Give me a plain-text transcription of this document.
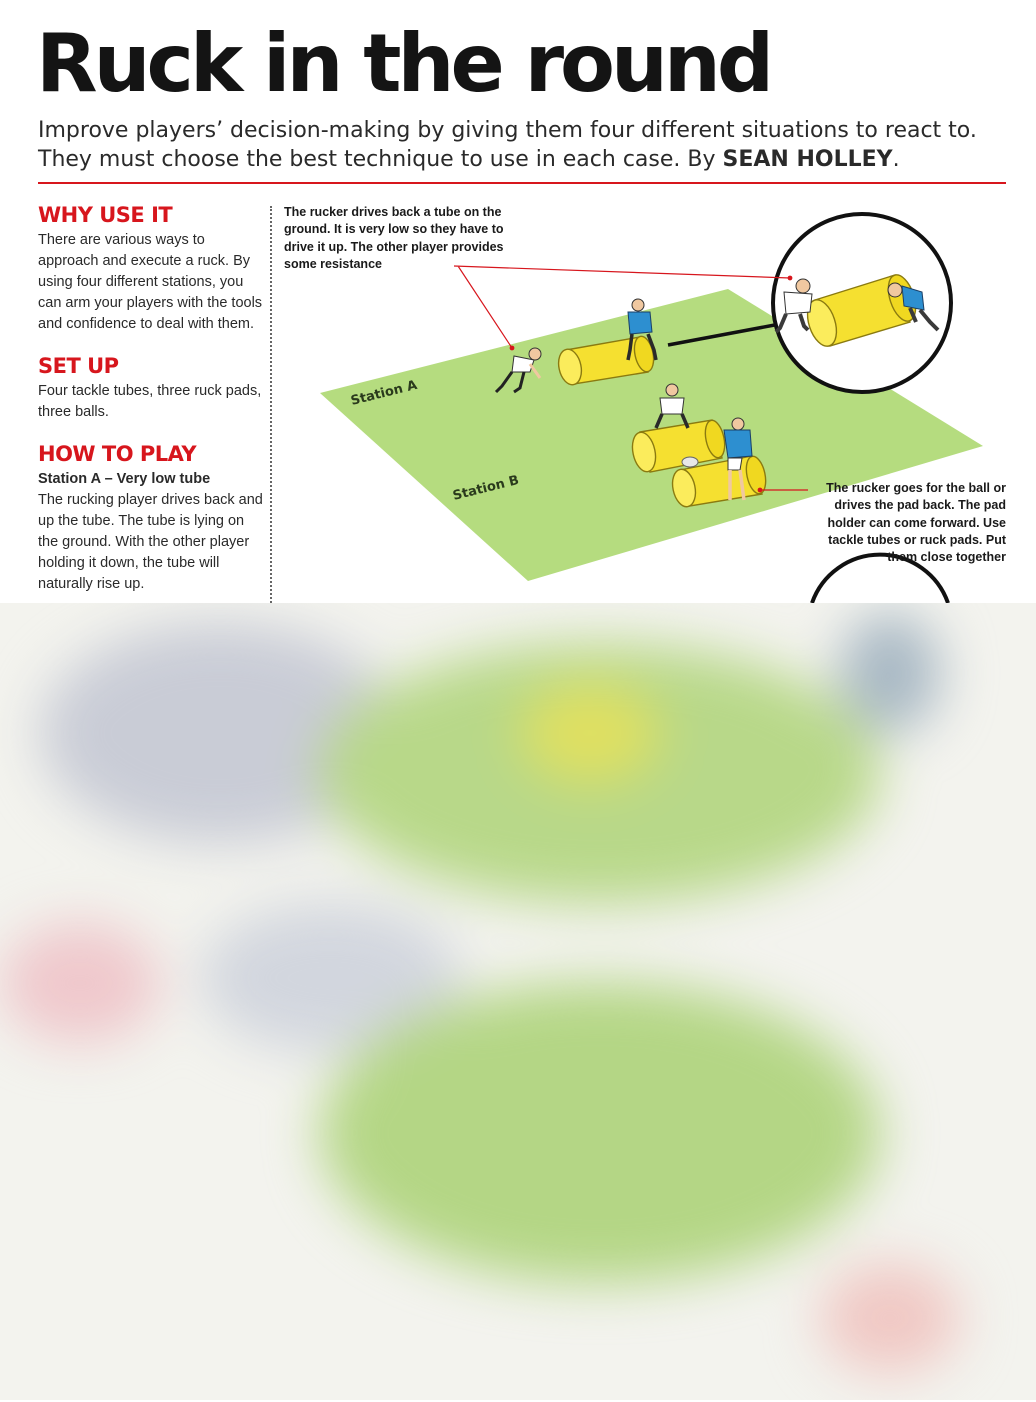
Ruck in the round
Improve players’ decision-making by giving them four different situations to react to. They must choose the best technique to use in each case. By SEAN HOLLEY.
WHY USE IT

There are various ways to approach and execute a ruck. By using four different stations, you can arm your players with the tools and confidence to deal with them.

SET UP

Four tackle tubes, three ruck pads, three balls.

HOW TO PLAY

Station A – Very low tube

The rucking player drives back and up the tube. The tube is lying on the ground. With the other player holding it down, the tube will naturally rise up.

Station A
Station B
The rucker drives back a tube on the ground. It is very low so they have to drive it up. The other player provides some resistance
The rucker goes for the ball or drives the pad back. The pad holder can come forward. Use tackle tubes or ruck pads. Put them close together
